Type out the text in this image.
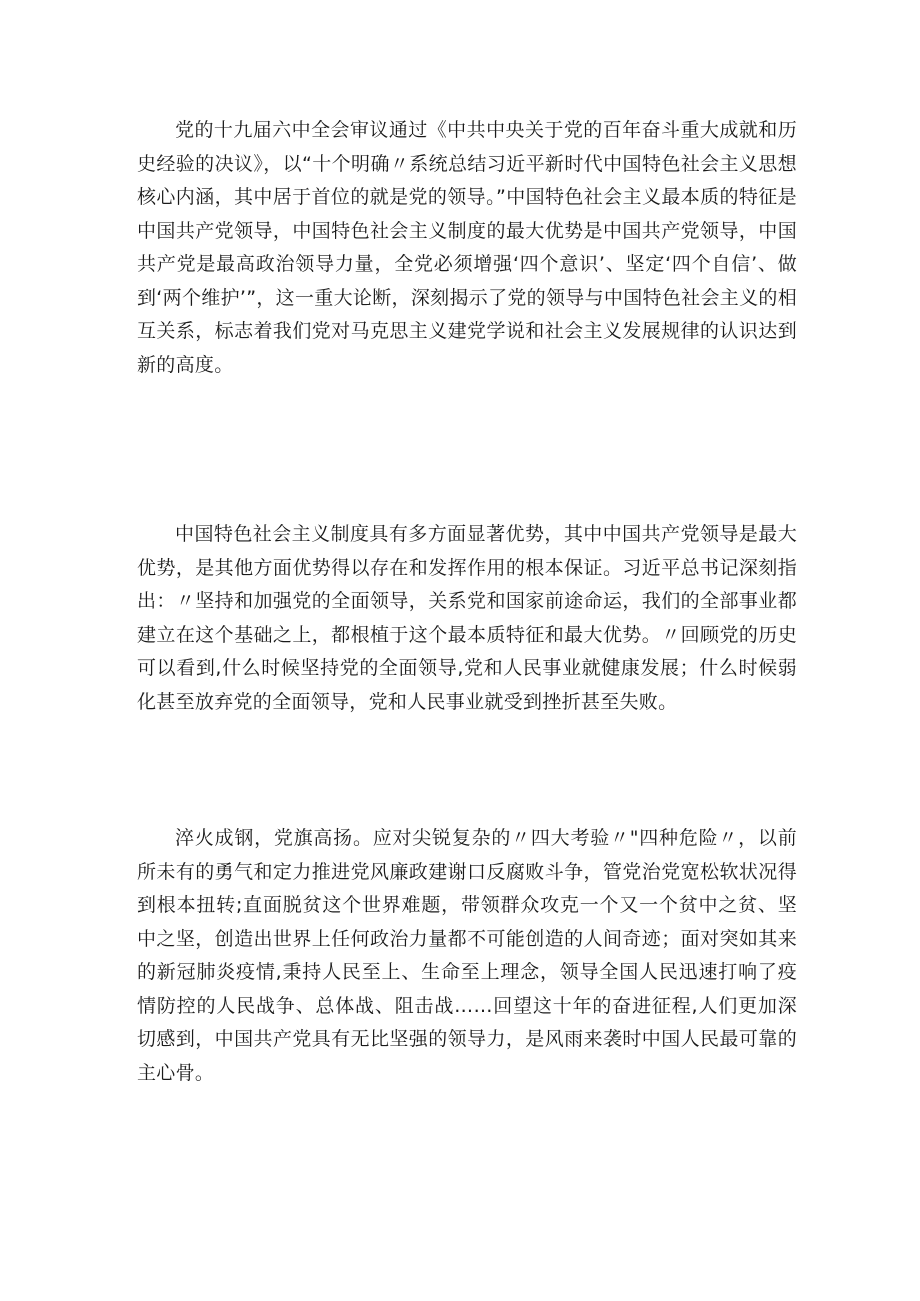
党的十九届六中全会审议通过《中共中央关于党的百年奋斗重大成就和历史经验的决议》，以“十个明确〃系统总结习近平新时代中国特色社会主义思想核心内涵，其中居于首位的就是党的领导。”中国特色社会主义最本质的特征是中国共产党领导，中国特色社会主义制度的最大优势是中国共产党领导，中国共产党是最高政治领导力量，全党必须增强‘四个意识’、坚定‘四个自信’、做到‘两个维护’”，这一重大论断，深刻揭示了党的领导与中国特色社会主义的相互关系，标志着我们党对马克思主义建党学说和社会主义发展规律的认识达到新的高度。

中国特色社会主义制度具有多方面显著优势，其中中国共产党领导是最大优势，是其他方面优势得以存在和发挥作用的根本保证。习近平总书记深刻指出：〃坚持和加强党的全面领导，关系党和国家前途命运，我们的全部事业都建立在这个基础之上，都根植于这个最本质特征和最大优势。〃回顾党的历史可以看到,什么时候坚持党的全面领导,党和人民事业就健康发展；什么时候弱化甚至放弃党的全面领导，党和人民事业就受到挫折甚至失败。

淬火成钢，党旗高扬。应对尖锐复杂的〃四大考验〃"四种危险〃，以前所未有的勇气和定力推进党风廉政建谢口反腐败斗争，管党治党宽松软状况得到根本扭转;直面脱贫这个世界难题，带领群众攻克一个又一个贫中之贫、坚中之坚，创造出世界上任何政治力量都不可能创造的人间奇迹；面对突如其来的新冠肺炎疫情,秉持人民至上、生命至上理念，领导全国人民迅速打响了疫情防控的人民战争、总体战、阻击战……回望这十年的奋进征程,人们更加深切感到，中国共产党具有无比坚强的领导力，是风雨来袭时中国人民最可靠的主心骨。
